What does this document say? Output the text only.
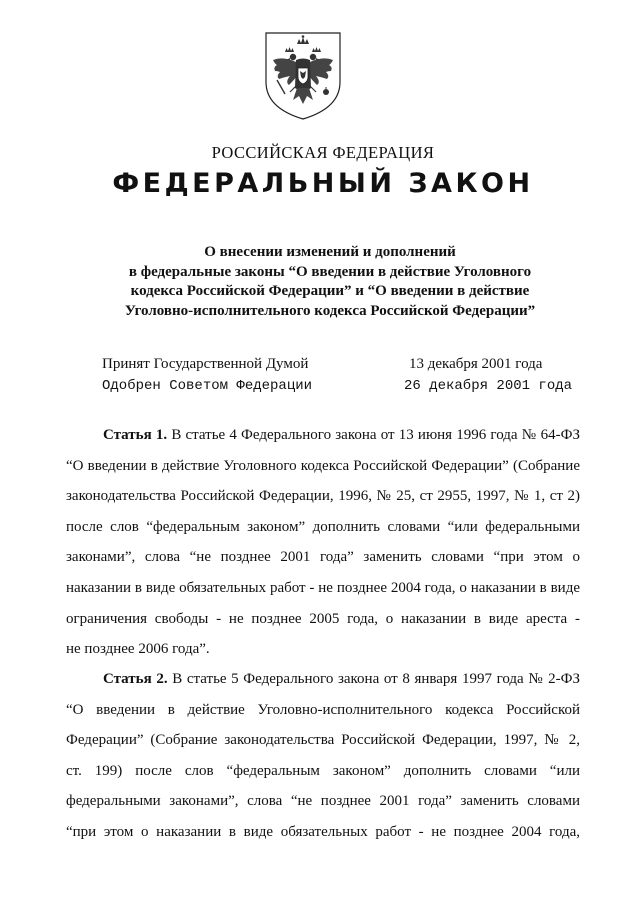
РОССИЙСКАЯ ФЕДЕРАЦИЯ
ФЕДЕРАЛЬНЫЙ ЗАКОН
О внесении изменений и дополнений
в федеральные законы “О введении в действие Уголовного
кодекса Российской Федерации” и “О введении в действие
Уголовно-исполнительного кодекса Российской Федерации”
Принят Государственной Думой	13 декабря 2001 года
Одобрен Советом Федерации	26 декабря 2001 года
Статья 1. В статье 4 Федерального закона от 13 июня 1996 года № 64-ФЗ
“О введении в действие Уголовного кодекса Российской Федерации” (Собрание
законодательства Российской Федерации, 1996, № 25, ст 2955, 1997, № 1, ст 2)
после слов “федеральным законом” дополнить словами “или федеральными
законами”, слова “не позднее 2001 года” заменить словами “при этом о
наказании в виде обязательных работ - не позднее 2004 года, о наказании в виде
ограничения свободы - не позднее 2005 года, о наказании в виде ареста -
не позднее 2006 года”.
Статья 2. В статье 5 Федерального закона от 8 января 1997 года № 2-ФЗ
“О введении в действие Уголовно-исполнительного кодекса Российской
Федерации” (Собрание законодательства Российской Федерации, 1997, № 2,
ст. 199) после слов “федеральным законом” дополнить словами “или
федеральными законами”, слова “не позднее 2001 года” заменить словами
“при этом о наказании в виде обязательных работ - не позднее 2004 года,
